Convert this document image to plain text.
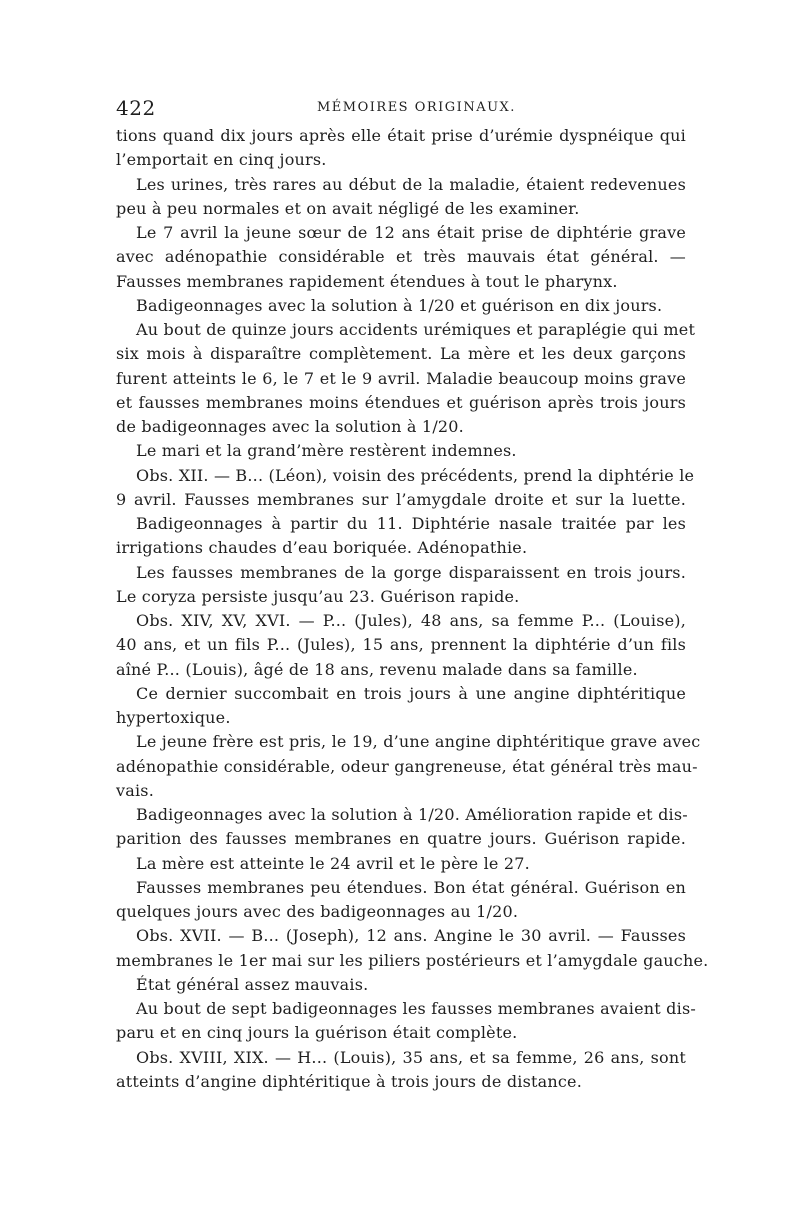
422	MÉMOIRES ORIGINAUX.
tions quand dix jours après elle était prise d’urémie dyspnéique qui
l’emportait en cinq jours.
Les urines, très rares au début de la maladie, étaient redevenues
peu à peu normales et on avait négligé de les examiner.
Le 7 avril la jeune sœur de 12 ans était prise de diphtérie grave
avec adénopathie considérable et très mauvais état général. —
Fausses membranes rapidement étendues à tout le pharynx.
Badigeonnages avec la solution à 1/20 et guérison en dix jours.
Au bout de quinze jours accidents urémiques et paraplégie qui met
six mois à disparaître complètement. La mère et les deux garçons
furent atteints le 6, le 7 et le 9 avril. Maladie beaucoup moins grave
et fausses membranes moins étendues et guérison après trois jours
de badigeonnages avec la solution à 1/20.
Le mari et la grand’mère restèrent indemnes.
Obs. XII. — B... (Léon), voisin des précédents, prend la diphtérie le
9 avril. Fausses membranes sur l’amygdale droite et sur la luette.
Badigeonnages à partir du 11. Diphtérie nasale traitée par les
irrigations chaudes d’eau boriquée. Adénopathie.
Les fausses membranes de la gorge disparaissent en trois jours.
Le coryza persiste jusqu’au 23. Guérison rapide.
Obs. XIV, XV, XVI. — P... (Jules), 48 ans, sa femme P... (Louise),
40 ans, et un fils P... (Jules), 15 ans, prennent la diphtérie d’un fils
aîné P... (Louis), âgé de 18 ans, revenu malade dans sa famille.
Ce dernier succombait en trois jours à une angine diphtéritique
hypertoxique.
Le jeune frère est pris, le 19, d’une angine diphtéritique grave avec
adénopathie considérable, odeur gangreneuse, état général très mau-
vais.
Badigeonnages avec la solution à 1/20. Amélioration rapide et dis-
parition des fausses membranes en quatre jours. Guérison rapide.
La mère est atteinte le 24 avril et le père le 27.
Fausses membranes peu étendues. Bon état général. Guérison en
quelques jours avec des badigeonnages au 1/20.
Obs. XVII. — B... (Joseph), 12 ans. Angine le 30 avril. — Fausses
membranes le 1er mai sur les piliers postérieurs et l’amygdale gauche.
État général assez mauvais.
Au bout de sept badigeonnages les fausses membranes avaient dis-
paru et en cinq jours la guérison était complète.
Obs. XVIII, XIX. — H... (Louis), 35 ans, et sa femme, 26 ans, sont
atteints d’angine diphtéritique à trois jours de distance.
